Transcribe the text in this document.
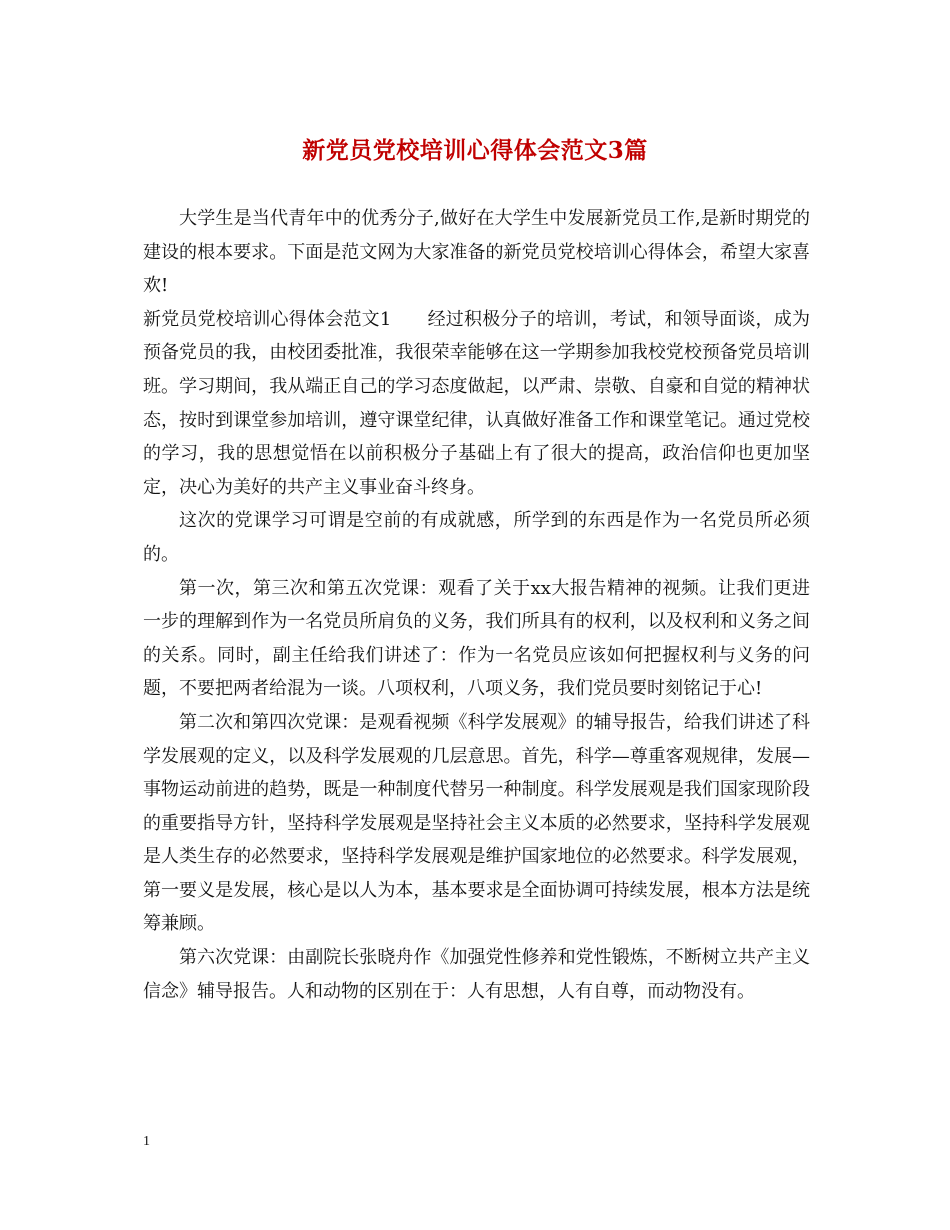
新党员党校培训心得体会范文3篇

大学生是当代青年中的优秀分子,做好在大学生中发展新党员工作,是新时期党的建设的根本要求。下面是范文网为大家准备的新党员党校培训心得体会，希望大家喜欢!

新党员党校培训心得体会范文1 经过积极分子的培训，考试，和领导面谈，成为预备党员的我，由校团委批准，我很荣幸能够在这一学期参加我校党校预备党员培训班。学习期间，我从端正自己的学习态度做起，以严肃、崇敬、自豪和自觉的精神状态，按时到课堂参加培训，遵守课堂纪律，认真做好准备工作和课堂笔记。通过党校的学习，我的思想觉悟在以前积极分子基础上有了很大的提高，政治信仰也更加坚定，决心为美好的共产主义事业奋斗终身。

这次的党课学习可谓是空前的有成就感，所学到的东西是作为一名党员所必须的。

第一次，第三次和第五次党课：观看了关于xx大报告精神的视频。让我们更进一步的理解到作为一名党员所肩负的义务，我们所具有的权利，以及权利和义务之间的关系。同时，副主任给我们讲述了：作为一名党员应该如何把握权利与义务的问题，不要把两者给混为一谈。八项权利，八项义务，我们党员要时刻铭记于心!

第二次和第四次党课：是观看视频《科学发展观》的辅导报告，给我们讲述了科学发展观的定义，以及科学发展观的几层意思。首先，科学—尊重客观规律，发展—事物运动前进的趋势，既是一种制度代替另一种制度。科学发展观是我们国家现阶段的重要指导方针，坚持科学发展观是坚持社会主义本质的必然要求，坚持科学发展观是人类生存的必然要求，坚持科学发展观是维护国家地位的必然要求。科学发展观，第一要义是发展，核心是以人为本，基本要求是全面协调可持续发展，根本方法是统筹兼顾。

第六次党课：由副院长张晓舟作《加强党性修养和党性锻炼，不断树立共产主义信念》辅导报告。人和动物的区别在于：人有思想，人有自尊，而动物没有。

1
